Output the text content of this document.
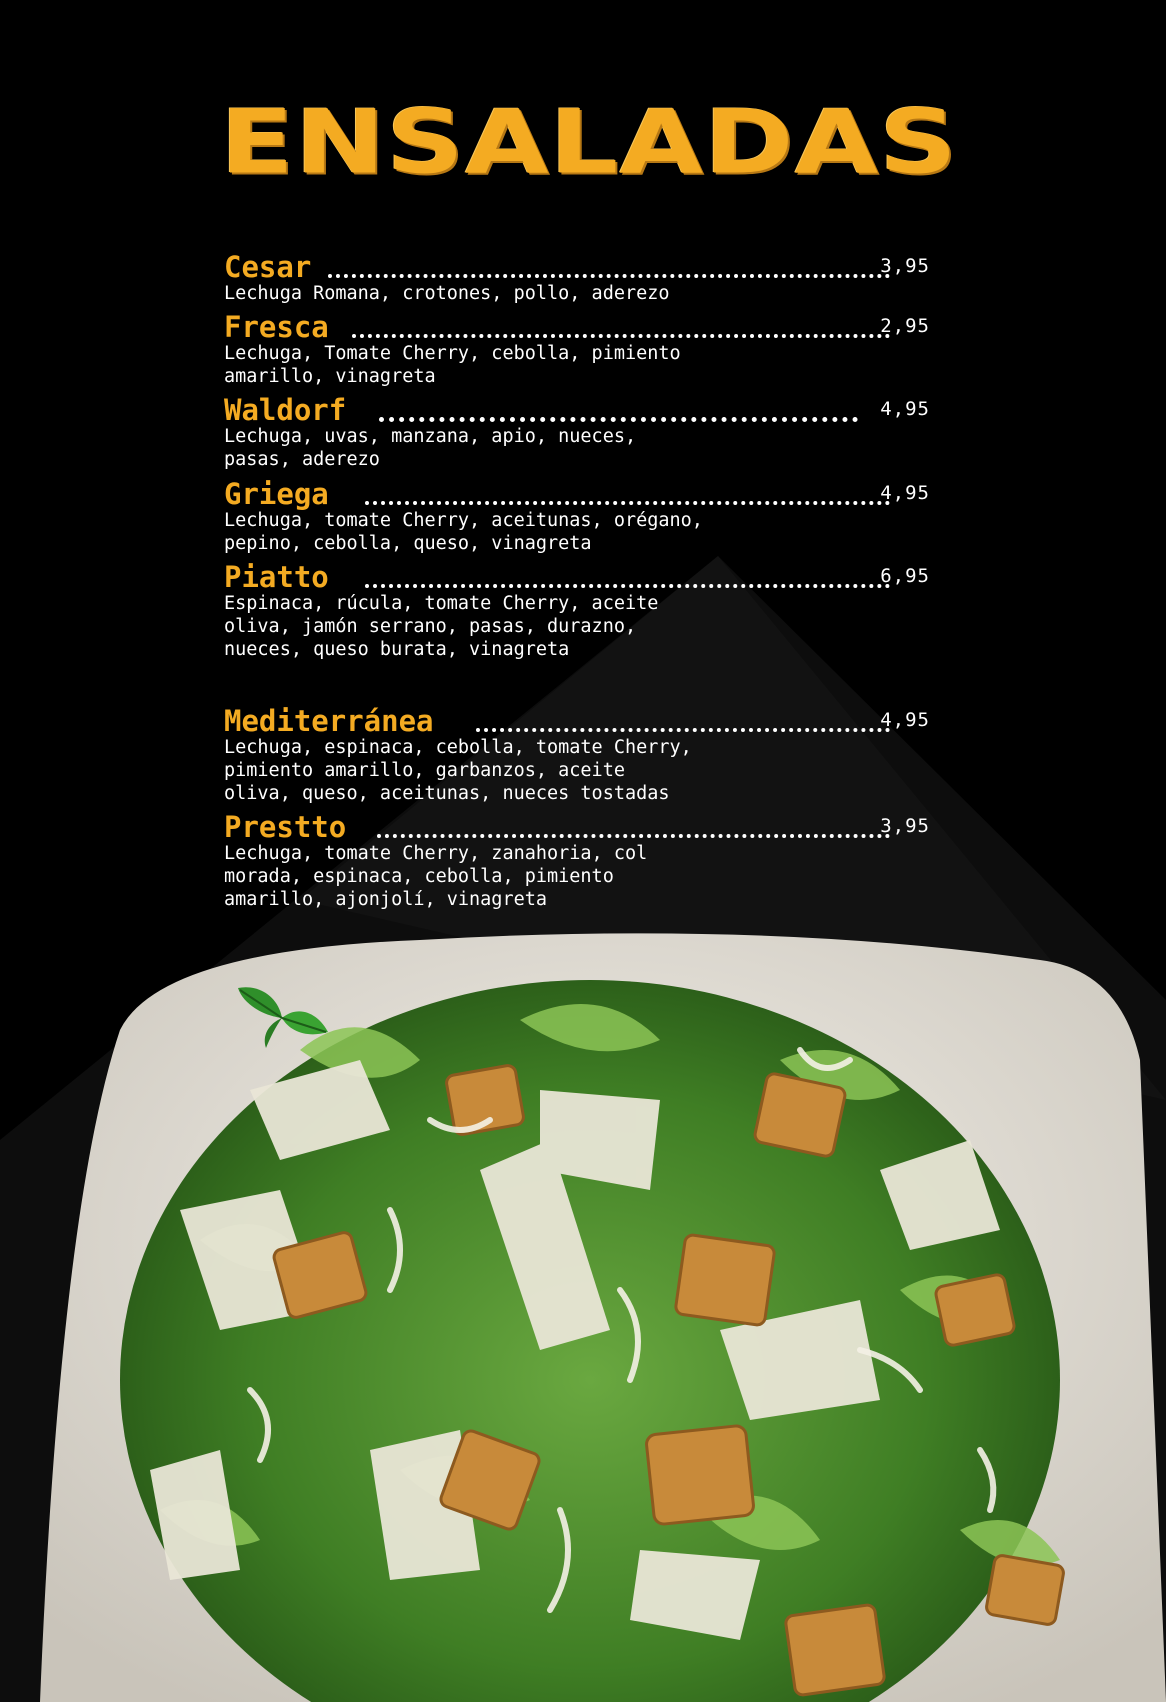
ENSALADAS
Cesar	3,95
Lechuga Romana, crotones, pollo, aderezo
Fresca	2,95
Lechuga, Tomate Cherry, cebolla, pimiento amarillo, vinagreta
Waldorf	4,95
Lechuga, uvas, manzana, apio, nueces, pasas, aderezo
Griega	4,95
Lechuga, tomate Cherry, aceitunas, orégano, pepino, cebolla, queso, vinagreta
Piatto	6,95
Espinaca, rúcula, tomate Cherry, aceite oliva, jamón serrano, pasas, durazno, nueces, queso burata, vinagreta
Mediterránea	4,95
Lechuga, espinaca, cebolla, tomate Cherry, pimiento amarillo, garbanzos, aceite oliva, queso, aceitunas, nueces tostadas
Prestto	3,95
Lechuga, tomate Cherry, zanahoria, col morada, espinaca, cebolla, pimiento amarillo, ajonjolí, vinagreta
